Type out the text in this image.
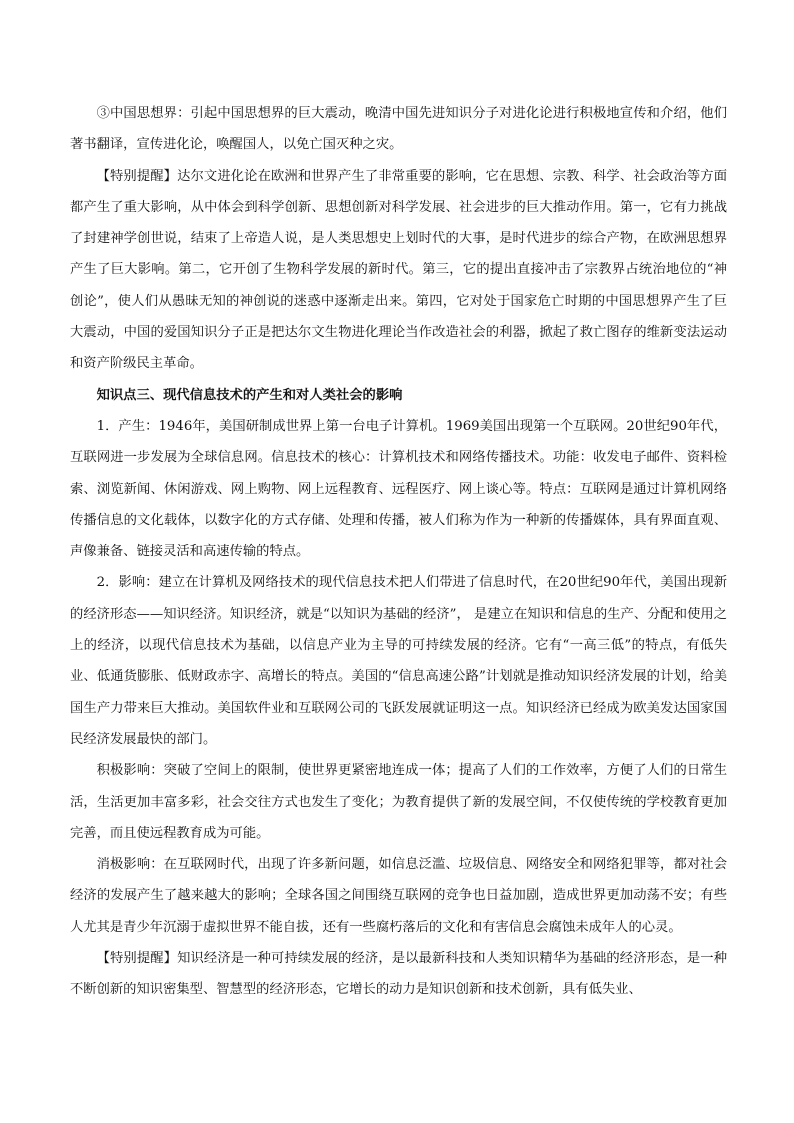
③中国思想界：引起中国思想界的巨大震动，晚清中国先进知识分子对进化论进行积极地宣传和介绍，他们著书翻译，宣传进化论，唤醒国人，以免亡国灭种之灾。

【特别提醒】达尔文进化论在欧洲和世界产生了非常重要的影响，它在思想、宗教、科学、社会政治等方面都产生了重大影响，从中体会到科学创新、思想创新对科学发展、社会进步的巨大推动作用。第一，它有力挑战了封建神学创世说，结束了上帝造人说，是人类思想史上划时代的大事，是时代进步的综合产物，在欧洲思想界产生了巨大影响。第二，它开创了生物科学发展的新时代。第三，它的提出直接冲击了宗教界占统治地位的“神创论”，使人们从愚昧无知的神创说的迷惑中逐渐走出来。第四，它对处于国家危亡时期的中国思想界产生了巨大震动，中国的爱国知识分子正是把达尔文生物进化理论当作改造社会的利器，掀起了救亡图存的维新变法运动和资产阶级民主革命。

知识点三、现代信息技术的产生和对人类社会的影响

1．产生：1946年，美国研制成世界上第一台电子计算机。1969美国出现第一个互联网。20世纪90年代，互联网进一步发展为全球信息网。信息技术的核心：计算机技术和网络传播技术。功能：收发电子邮件、资料检索、浏览新闻、休闲游戏、网上购物、网上远程教育、远程医疗、网上谈心等。特点：互联网是通过计算机网络传播信息的文化载体，以数字化的方式存储、处理和传播，被人们称为作为一种新的传播媒体，具有界面直观、声像兼备、链接灵活和高速传输的特点。

2．影响：建立在计算机及网络技术的现代信息技术把人们带进了信息时代，在20世纪90年代，美国出现新的经济形态——知识经济。知识经济，就是“以知识为基础的经济”， 是建立在知识和信息的生产、分配和使用之上的经济，以现代信息技术为基础，以信息产业为主导的可持续发展的经济。它有“一高三低”的特点，有低失业、低通货膨胀、低财政赤字、高增长的特点。美国的“信息高速公路”计划就是推动知识经济发展的计划，给美国生产力带来巨大推动。美国软件业和互联网公司的飞跃发展就证明这一点。知识经济已经成为欧美发达国家国民经济发展最快的部门。

积极影响：突破了空间上的限制，使世界更紧密地连成一体；提高了人们的工作效率，方便了人们的日常生活，生活更加丰富多彩，社会交往方式也发生了变化；为教育提供了新的发展空间，不仅使传统的学校教育更加完善，而且使远程教育成为可能。

消极影响：在互联网时代，出现了许多新问题，如信息泛滥、垃圾信息、网络安全和网络犯罪等，都对社会经济的发展产生了越来越大的影响；全球各国之间围绕互联网的竞争也日益加剧，造成世界更加动荡不安；有些人尤其是青少年沉溺于虚拟世界不能自拔，还有一些腐朽落后的文化和有害信息会腐蚀未成年人的心灵。

【特别提醒】知识经济是一种可持续发展的经济，是以最新科技和人类知识精华为基础的经济形态，是一种不断创新的知识密集型、智慧型的经济形态，它增长的动力是知识创新和技术创新，具有低失业、
